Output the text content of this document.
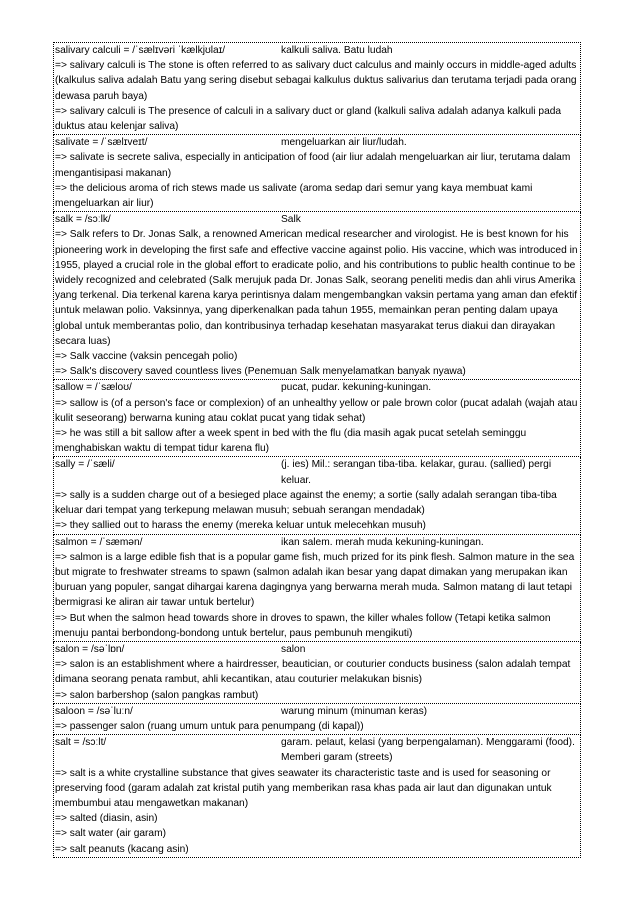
salivary calculi = /ˈsælɪvəri ˈkælkjʊlaɪ/	kalkuli saliva. Batu ludah

=> salivary calculi is The stone is often referred to as salivary duct calculus and mainly occurs in middle-aged adults (kalkulus saliva adalah Batu yang sering disebut sebagai kalkulus duktus salivarius dan terutama terjadi pada orang dewasa paruh baya)

=> salivary calculi is The presence of calculi in a salivary duct or gland (kalkuli saliva adalah adanya kalkuli pada duktus atau kelenjar saliva)

salivate = /ˈsælɪveɪt/	mengeluarkan air liur/ludah.

=> salivate is secrete saliva, especially in anticipation of food (air liur adalah mengeluarkan air liur, terutama dalam mengantisipasi makanan)

=> the delicious aroma of rich stews made us salivate (aroma sedap dari semur yang kaya membuat kami mengeluarkan air liur)

salk = /sɔːlk/	Salk

=> Salk refers to Dr. Jonas Salk, a renowned American medical researcher and virologist. He is best known for his pioneering work in developing the first safe and effective vaccine against polio. His vaccine, which was introduced in 1955, played a crucial role in the global effort to eradicate polio, and his contributions to public health continue to be widely recognized and celebrated (Salk merujuk pada Dr. Jonas Salk, seorang peneliti medis dan ahli virus Amerika yang terkenal. Dia terkenal karena karya perintisnya dalam mengembangkan vaksin pertama yang aman dan efektif untuk melawan polio. Vaksinnya, yang diperkenalkan pada tahun 1955, memainkan peran penting dalam upaya global untuk memberantas polio, dan kontribusinya terhadap kesehatan masyarakat terus diakui dan dirayakan secara luas)

=> Salk vaccine (vaksin pencegah polio)

=> Salk's discovery saved countless lives (Penemuan Salk menyelamatkan banyak nyawa)

sallow = /ˈsæloʊ/	pucat, pudar. kekuning-kuningan.

=> sallow is (of a person's face or complexion) of an unhealthy yellow or pale brown color (pucat adalah (wajah atau kulit seseorang) berwarna kuning atau coklat pucat yang tidak sehat)

=> he was still a bit sallow after a week spent in bed with the flu (dia masih agak pucat setelah seminggu menghabiskan waktu di tempat tidur karena flu)

sally = /ˈsæli/	(j. ies) Mil.: serangan tiba-tiba. kelakar, gurau. (sallied) pergi keluar.

=> sally is a sudden charge out of a besieged place against the enemy; a sortie (sally adalah serangan tiba-tiba keluar dari tempat yang terkepung melawan musuh; sebuah serangan mendadak)

=> they sallied out to harass the enemy (mereka keluar untuk melecehkan musuh)

salmon = /ˈsæmən/	ikan salem. merah muda kekuning-kuningan.

=> salmon is a large edible fish that is a popular game fish, much prized for its pink flesh. Salmon mature in the sea but migrate to freshwater streams to spawn (salmon adalah ikan besar yang dapat dimakan yang merupakan ikan buruan yang populer, sangat dihargai karena dagingnya yang berwarna merah muda. Salmon matang di laut tetapi bermigrasi ke aliran air tawar untuk bertelur)

=> But when the salmon head towards shore in droves to spawn, the killer whales follow (Tetapi ketika salmon menuju pantai berbondong-bondong untuk bertelur, paus pembunuh mengikuti)

salon = /səˈlɒn/	salon

=> salon is an establishment where a hairdresser, beautician, or couturier conducts business (salon adalah tempat dimana seorang penata rambut, ahli kecantikan, atau couturier melakukan bisnis)

=> salon barbershop (salon pangkas rambut)

saloon = /səˈluːn/	warung minum (minuman keras)

=> passenger salon (ruang umum untuk para penumpang (di kapal))

salt = /sɔːlt/	garam. pelaut, kelasi (yang berpengalaman). Menggarami (food). Memberi garam (streets)

=> salt is a white crystalline substance that gives seawater its characteristic taste and is used for seasoning or preserving food (garam adalah zat kristal putih yang memberikan rasa khas pada air laut dan digunakan untuk membumbui atau mengawetkan makanan)

=> salted (diasin, asin)

=> salt water (air garam)

=> salt peanuts (kacang asin)
